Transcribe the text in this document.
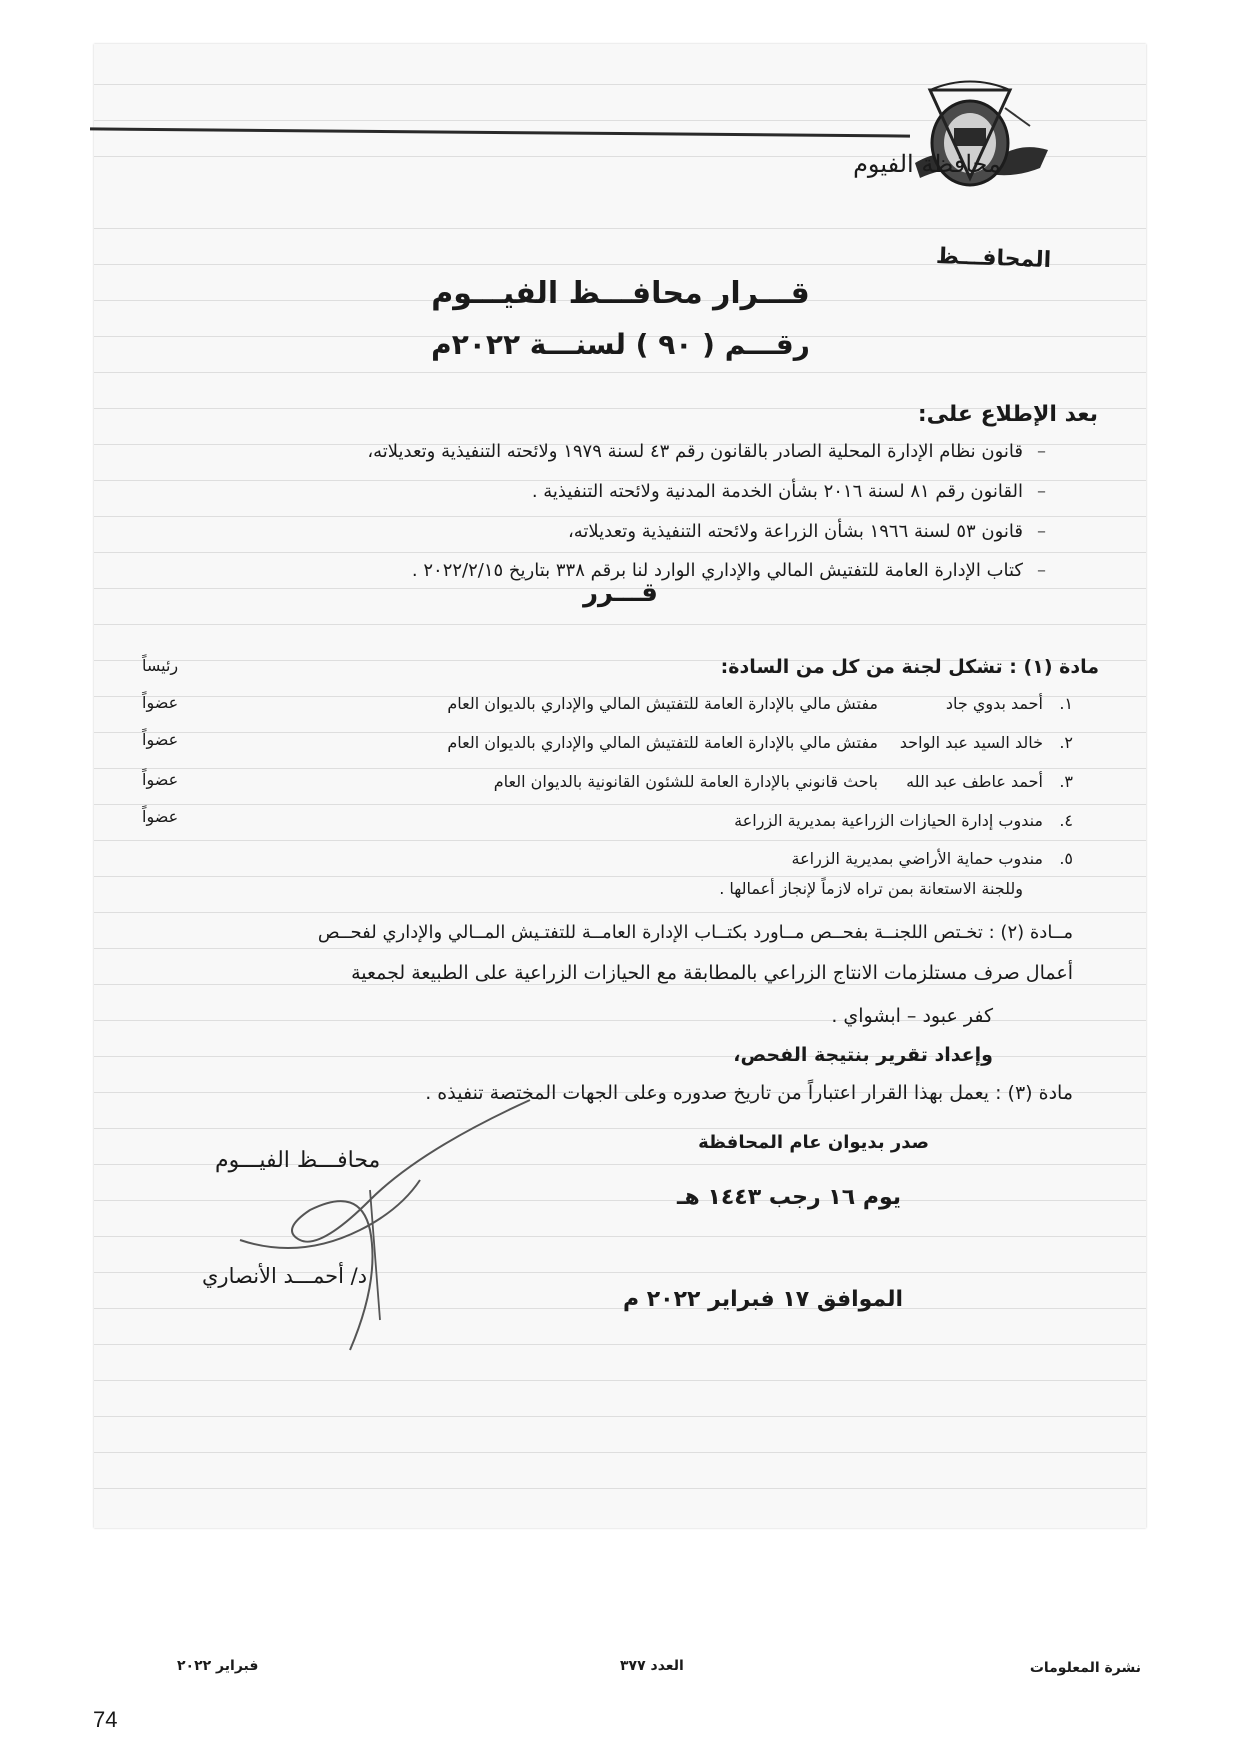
محافظة الفيوم
المحافـــظ
قـــرار محافـــظ الفيـــوم
رقـــم ( ٩٠ ) لسنـــة ٢٠٢٢م
بعد الإطلاع على:
–قانون نظام الإدارة المحلية الصادر بالقانون رقم ٤٣ لسنة ١٩٧٩ ولائحته التنفيذية وتعديلاته،
–القانون رقم ٨١ لسنة ٢٠١٦ بشأن الخدمة المدنية ولائحته التنفيذية .
–قانون ٥٣ لسنة ١٩٦٦ بشأن الزراعة ولائحته التنفيذية وتعديلاته،
–كتاب الإدارة العامة للتفتيش المالي والإداري الوارد لنا برقم ٣٣٨ بتاريخ ٢٠٢٢/٢/١٥ .
قـــرر
مادة (١) : تشكل لجنة من كل من السادة:
١.أحمد بدوي جادمفتش مالي بالإدارة العامة للتفتيش المالي والإداري بالديوان العام
٢.خالد السيد عبد الواحدمفتش مالي بالإدارة العامة للتفتيش المالي والإداري بالديوان العام
٣.أحمد عاطف عبد اللهباحث قانوني بالإدارة العامة للشئون القانونية بالديوان العام
٤.مندوب إدارة الحيازات الزراعية بمديرية الزراعة
٥.مندوب حماية الأراضي بمديرية الزراعة
رئيساً
عضواً
عضواً
عضواً
عضواً
وللجنة الاستعانة بمن تراه لازماً لإنجاز أعمالها .
مــادة (٢) : تخـتص اللجنــة بفحــص مــاورد بكتــاب الإدارة العامــة للتفتـيش المــالي والإداري لفحــص
أعمال صرف مستلزمات الانتاج الزراعي بالمطابقة مع الحيازات الزراعية على الطبيعة لجمعية
كفر عبود – ابشواي .
وإعداد تقرير بنتيجة الفحص،
مادة (٣) : يعمل بهذا القرار اعتباراً من تاريخ صدوره وعلى الجهات المختصة تنفيذه .
صدر بديوان عام المحافظة
يوم ١٦ رجب ١٤٤٣ هـ
الموافق ١٧ فبراير ٢٠٢٢ م
محافـــظ الفيـــوم
د/ أحمـــد الأنصاري
نشرة المعلومات
العدد ٣٧٧
فبراير ٢٠٢٢
74
